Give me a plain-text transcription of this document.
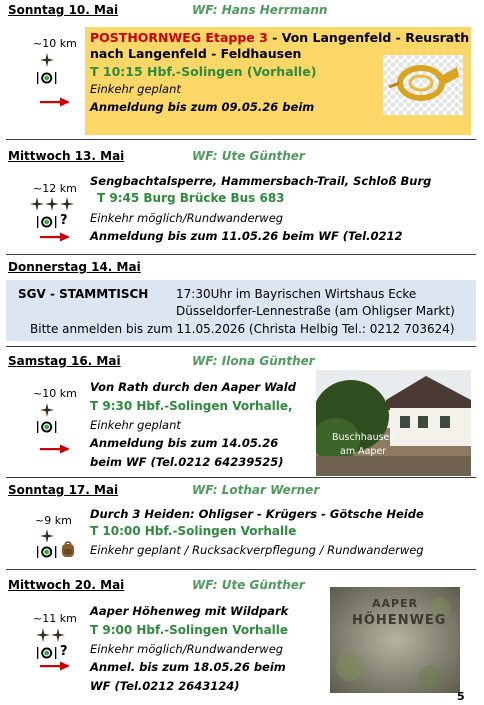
Sonntag 10. Mai	WF: Hans Herrmann
~10 km POSTHORNWEG Etappe 3 - Von Langenfeld - Reusrath
nach Langenfeld - Feldhausen
T 10:15 Hbf.-Solingen (Vorhalle)
Einkehr geplant
Anmeldung bis zum 09.05.26 beim
Mittwoch 13. Mai	WF: Ute Günther
~12 km
?
Sengbachtalsperre, Hammersbach-Trail, Schloß Burg
T 9:45 Burg Brücke Bus 683
Einkehr möglich/Rundwanderweg
Anmeldung bis zum 11.05.26 beim WF (Tel.0212
Donnerstag 14. Mai
SGV - STAMMTISCH 17:30Uhr im Bayrischen Wirtshaus Ecke
Düsseldorfer-Lennestraße (am Ohligser Markt)
Bitte anmelden bis zum 11.05.2026 (Christa Helbig Tel.: 0212 703624)
Samstag 16. Mai	WF: Ilona Günther
~10 km Von Rath durch den Aaper Wald
T 9:30 Hbf.-Solingen Vorhalle,
Einkehr geplant
Anmeldung bis zum 14.05.26
beim WF (Tel.0212 64239525)
Buschhausen
am Aaper
Sonntag 17. Mai	WF: Lothar Werner
~9 km Durch 3 Heiden: Ohligser - Krügers - Götsche Heide
T 10:00 Hbf.-Solingen Vorhalle
Einkehr geplant / Rucksackverpflegung / Rundwanderweg
Mittwoch 20. Mai	WF: Ute Günther
~11 km
?
Aaper Höhenweg mit Wildpark
T 9:00 Hbf.-Solingen Vorhalle
Einkehr möglich/Rundwanderweg
Anmel. bis zum 18.05.26 beim
WF (Tel.0212 2643124)
AAPER
HÖHENWEG
5
